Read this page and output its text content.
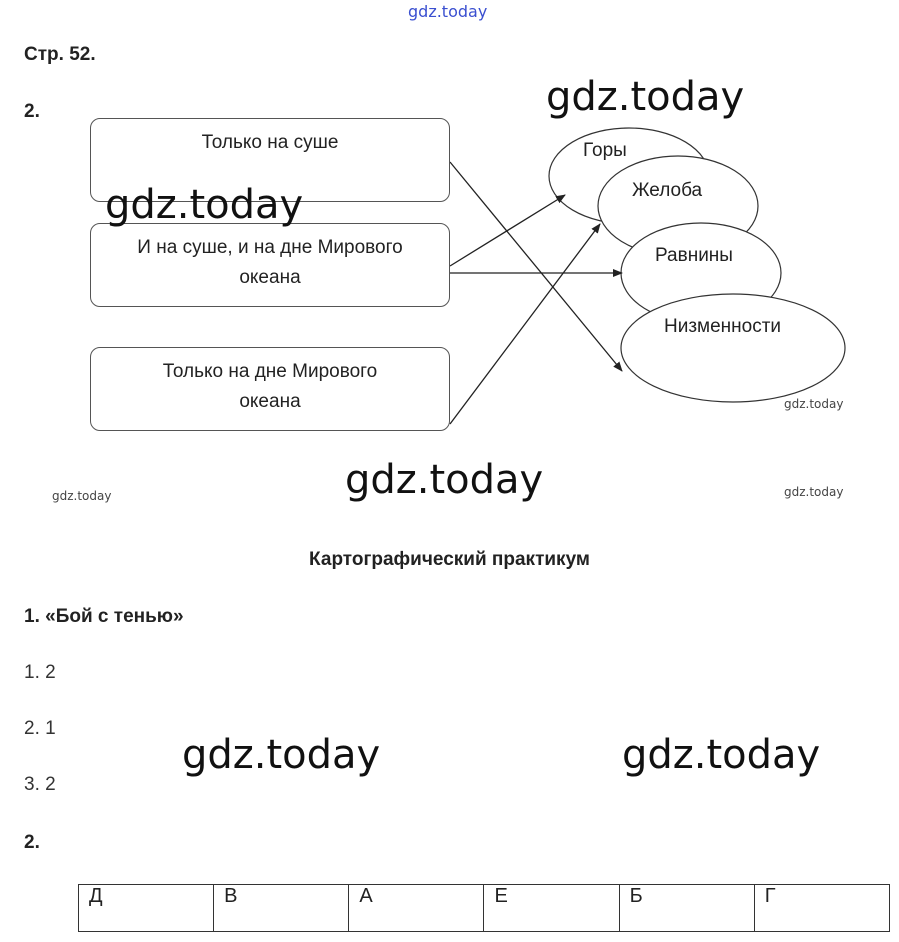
gdz.today
Стр. 52.
2.
Горы
Желоба
Равнины
Низменности
Только на суше
И на суше, и на дне Мирового
океана
Только на дне Мирового
океана
gdz.today
gdz.today
gdz.today
gdz.today
gdz.today	gdz.today
Картографический практикум
1. «Бой с тенью»
1. 2
2. 1
3. 2
gdz.today	gdz.today
2.
Д	В	А	Е	Б	Г
